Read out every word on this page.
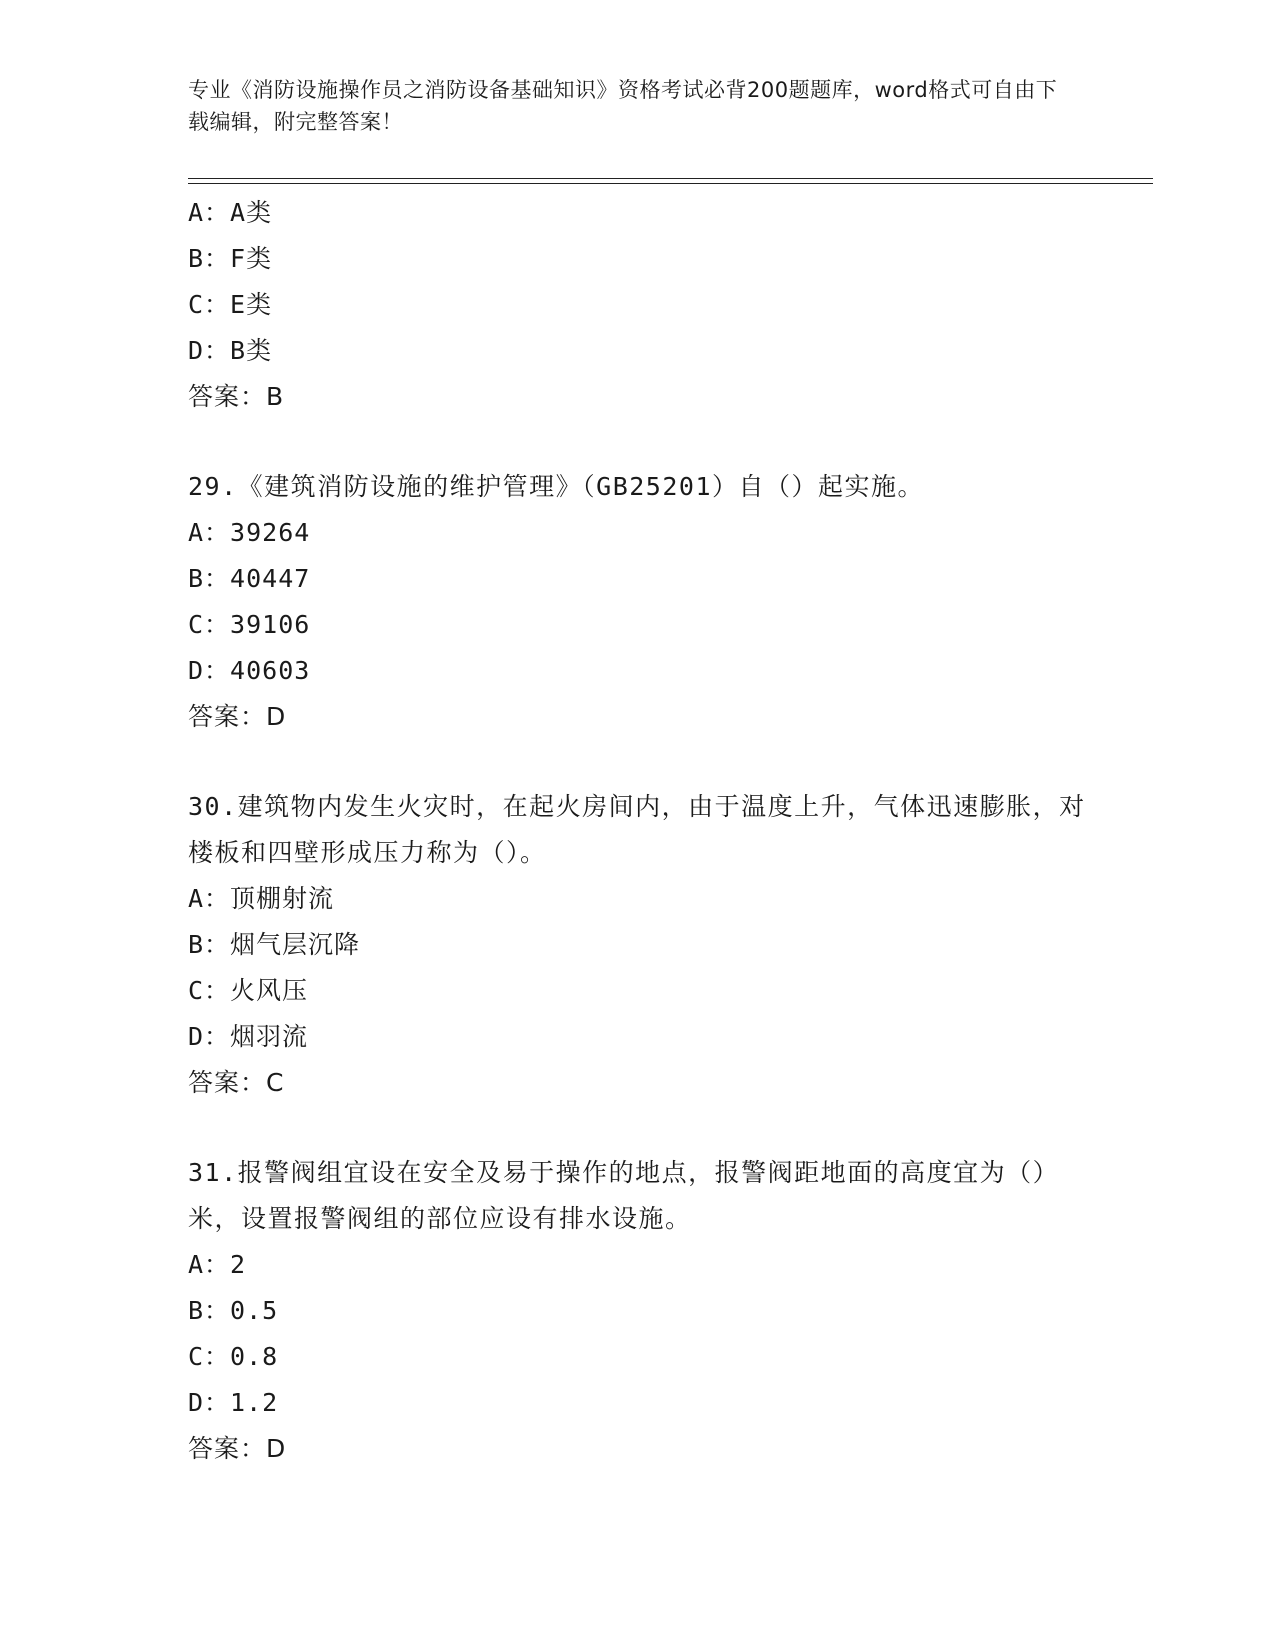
专业《消防设施操作员之消防设备基础知识》资格考试必背200题题库，word格式可自由下载编辑，附完整答案！
A：A类
B：F类
C：E类
D：B类
答案：B
29.《建筑消防设施的维护管理》（GB25201）自（）起实施。
A：39264
B：40447
C：39106
D：40603
答案：D
30.建筑物内发生火灾时，在起火房间内，由于温度上升，气体迅速膨胀，对楼板和四壁形成压力称为（）。
A：顶棚射流
B：烟气层沉降
C：火风压
D：烟羽流
答案：C
31.报警阀组宜设在安全及易于操作的地点，报警阀距地面的高度宜为（）米，设置报警阀组的部位应设有排水设施。
A：2
B：0.5
C：0.8
D：1.2
答案：D
